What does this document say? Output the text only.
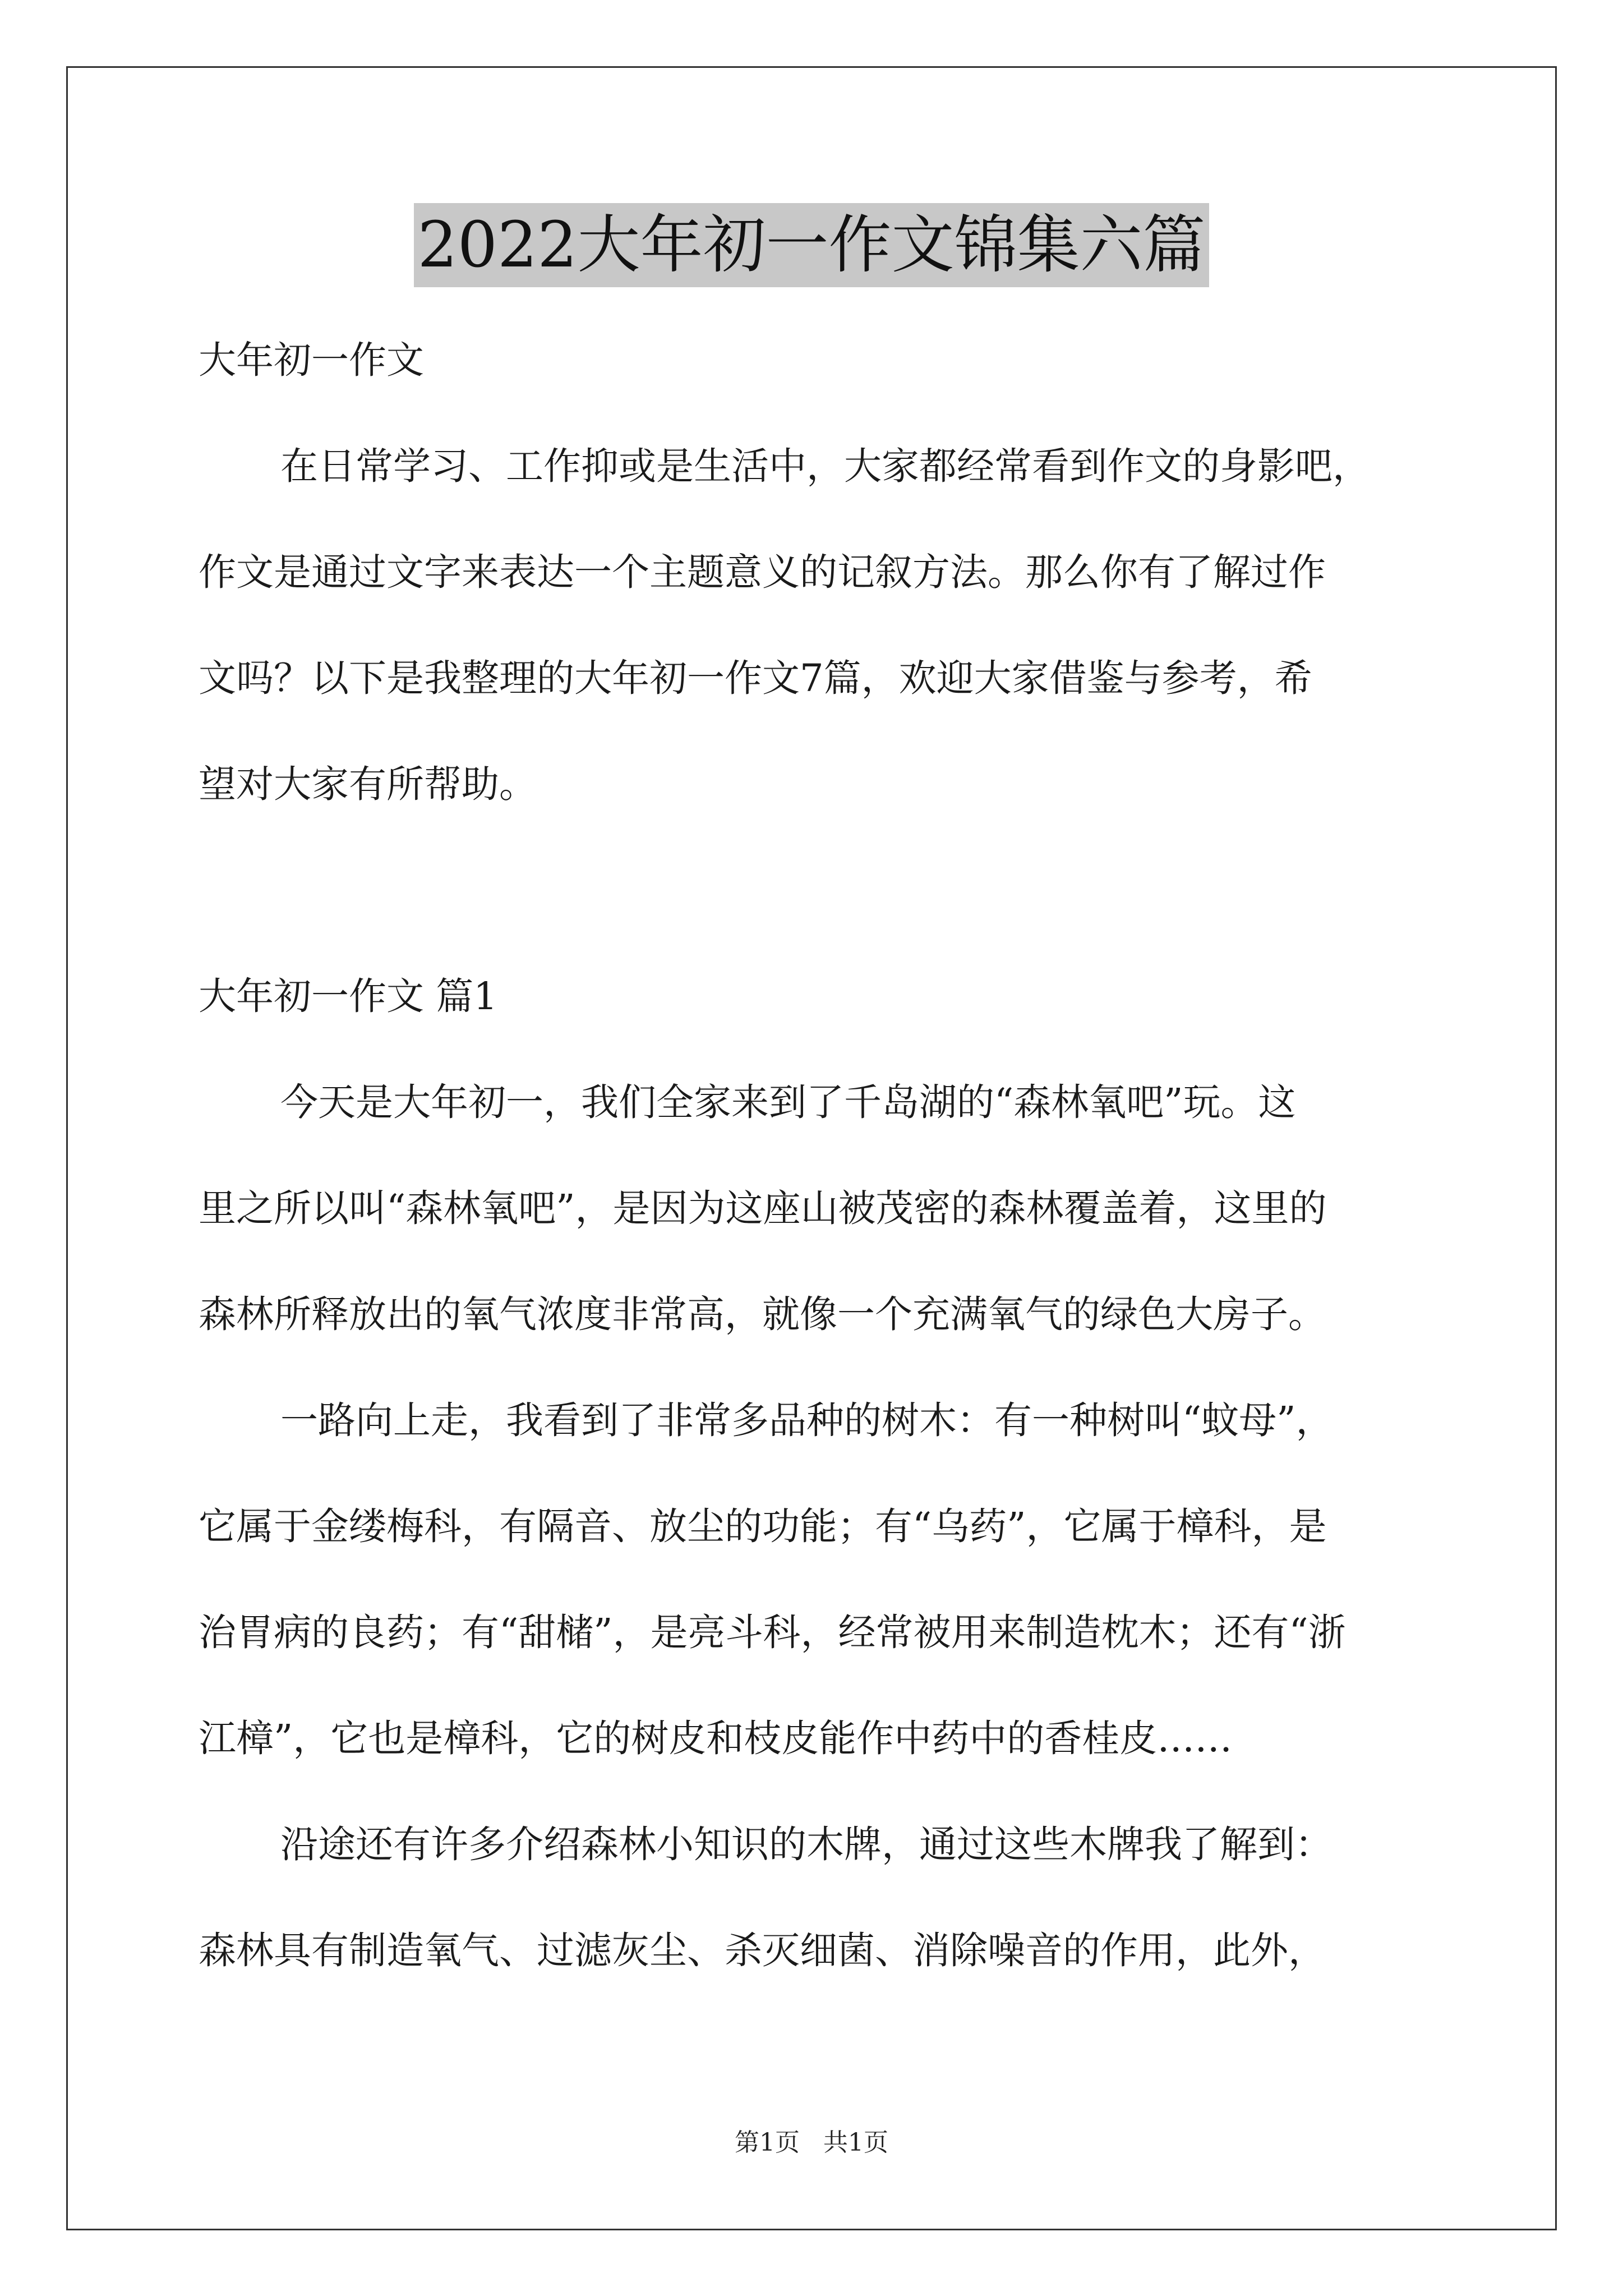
2022大年初一作文锦集六篇

大年初一作文

在日常学习、工作抑或是生活中，大家都经常看到作文的身影吧，

作文是通过文字来表达一个主题意义的记叙方法。那么你有了解过作

文吗？以下是我整理的大年初一作文7篇，欢迎大家借鉴与参考，希

望对大家有所帮助。

大年初一作文 篇1

今天是大年初一，我们全家来到了千岛湖的“森林氧吧”玩。这

里之所以叫“森林氧吧”，是因为这座山被茂密的森林覆盖着，这里的

森林所释放出的氧气浓度非常高，就像一个充满氧气的绿色大房子。

一路向上走，我看到了非常多品种的树木：有一种树叫“蚊母”，

它属于金缕梅科，有隔音、放尘的功能；有“乌药”，它属于樟科，是

治胃病的良药；有“甜槠”，是亮斗科，经常被用来制造枕木；还有“浙

江樟”，它也是樟科，它的树皮和枝皮能作中药中的香桂皮……

沿途还有许多介绍森林小知识的木牌，通过这些木牌我了解到：

森林具有制造氧气、过滤灰尘、杀灭细菌、消除噪音的作用，此外，

第1页   共1页
